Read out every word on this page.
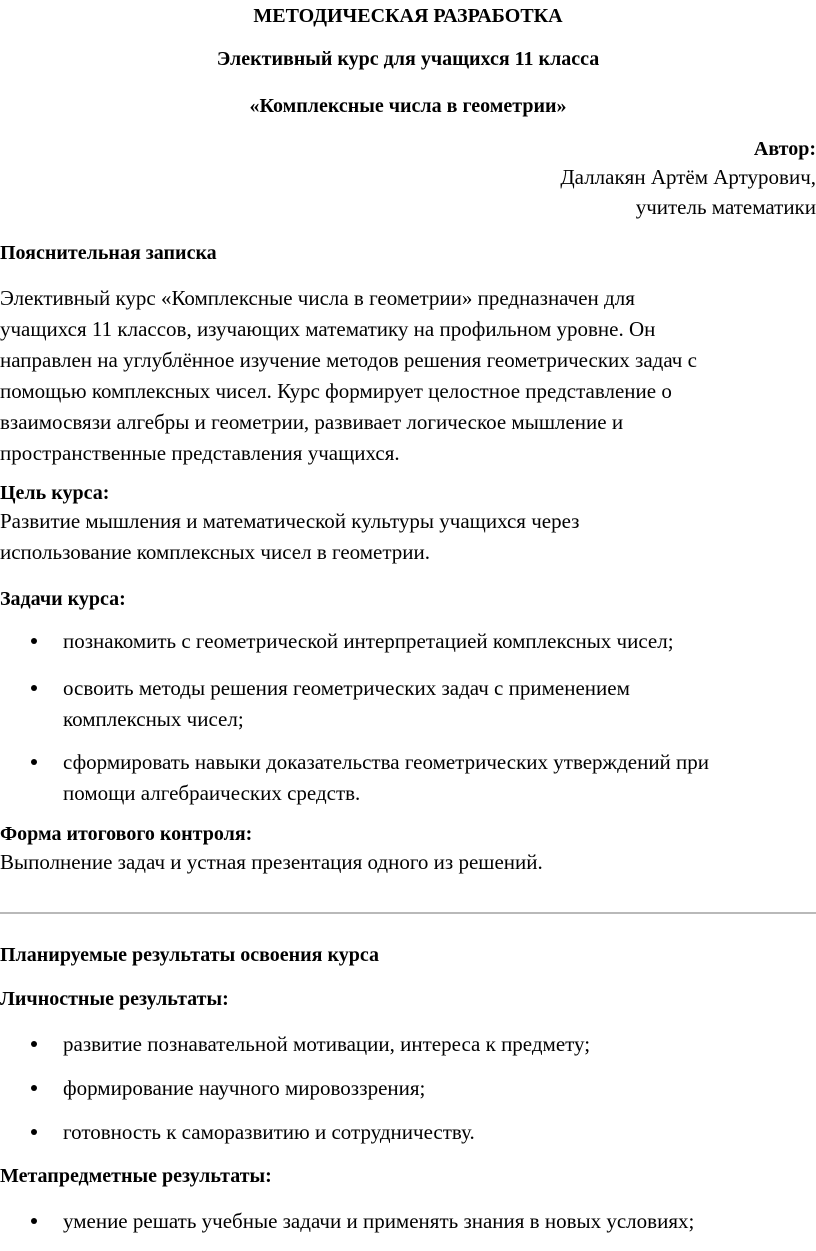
МЕТОДИЧЕСКАЯ РАЗРАБОТКА
Элективный курс для учащихся 11 класса
«Комплексные числа в геометрии»
Автор:
Даллакян Артём Артурович,
учитель математики
Пояснительная записка
Элективный курс «Комплексные числа в геометрии» предназначен для
учащихся 11 классов, изучающих математику на профильном уровне. Он
направлен на углублённое изучение методов решения геометрических задач с
помощью комплексных чисел. Курс формирует целостное представление о
взаимосвязи алгебры и геометрии, развивает логическое мышление и
пространственные представления учащихся.
Цель курса:
Развитие мышления и математической культуры учащихся через
использование комплексных чисел в геометрии.
Задачи курса:
познакомить с геометрической интерпретацией комплексных чисел;
освоить методы решения геометрических задач с применением
комплексных чисел;
сформировать навыки доказательства геометрических утверждений при
помощи алгебраических средств.
Форма итогового контроля:
Выполнение задач и устная презентация одного из решений.
Планируемые результаты освоения курса
Личностные результаты:
развитие познавательной мотивации, интереса к предмету;
формирование научного мировоззрения;
готовность к саморазвитию и сотрудничеству.
Метапредметные результаты:
умение решать учебные задачи и применять знания в новых условиях;
